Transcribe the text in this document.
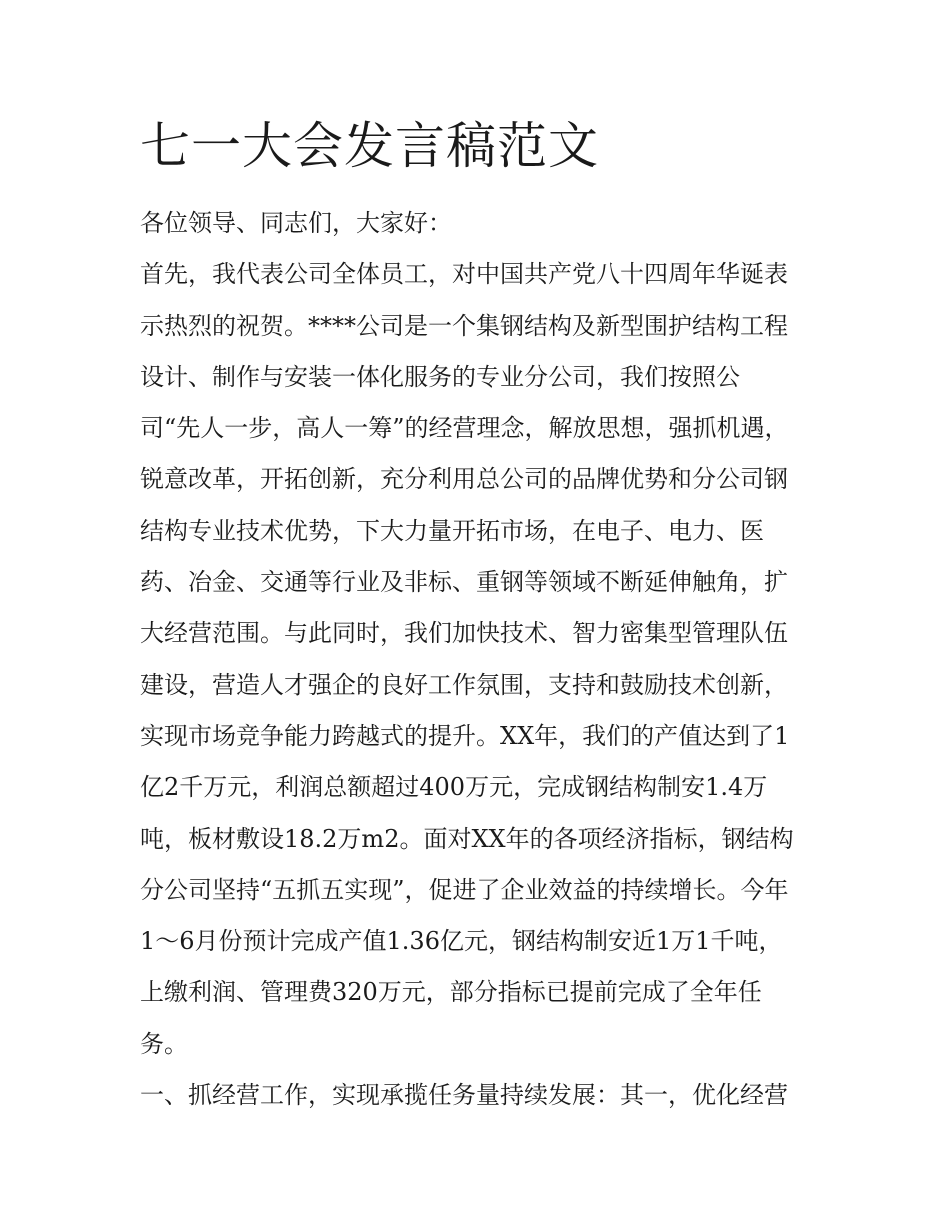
七一大会发言稿范文

各位领导、同志们，大家好：

首先，我代表公司全体员工，对中国共产党八十四周年华诞表
示热烈的祝贺。****公司是一个集钢结构及新型围护结构工程
设计、制作与安装一体化服务的专业分公司，我们按照公
司“先人一步，高人一筹”的经营理念，解放思想，强抓机遇，
锐意改革，开拓创新，充分利用总公司的品牌优势和分公司钢
结构专业技术优势，下大力量开拓市场，在电子、电力、医
药、冶金、交通等行业及非标、重钢等领域不断延伸触角，扩
大经营范围。与此同时，我们加快技术、智力密集型管理队伍
建设，营造人才强企的良好工作氛围，支持和鼓励技术创新，
实现市场竞争能力跨越式的提升。XX年，我们的产值达到了1
亿2千万元，利润总额超过400万元，完成钢结构制安1.4万
吨，板材敷设18.2万m2。面对XX年的各项经济指标，钢结构
分公司坚持“五抓五实现”，促进了企业效益的持续增长。今年
1～6月份预计完成产值1.36亿元，钢结构制安近1万1千吨，
上缴利润、管理费320万元，部分指标已提前完成了全年任
务。

一、抓经营工作，实现承揽任务量持续发展：其一，优化经营
